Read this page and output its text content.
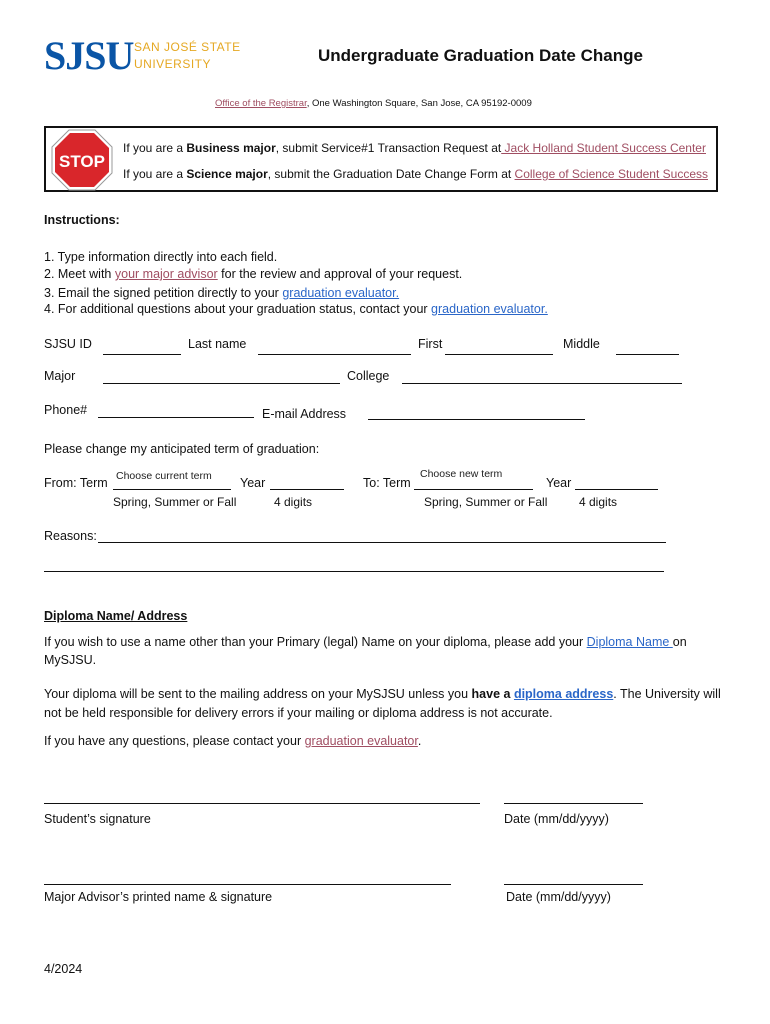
SJSU SAN JOSÉ STATE
UNIVERSITY	Undergraduate Graduation Date Change
Office of the Registrar, One Washington Square, San Jose, CA 95192-0009
STOP
If you are a Business major, submit Service#1 Transaction Request at Jack Holland Student Success Center
If you are a Science major, submit the Graduation Date Change Form at College of Science Student Success
Instructions:
1. Type information directly into each field.
2. Meet with your major advisor for the review and approval of your request.
3. Email the signed petition directly to your graduation evaluator.
4. For additional questions about your graduation status, contact your graduation evaluator.
SJSU ID	Last name	First	Middle
Major	College
Phone#	E-mail Address
Please change my anticipated term of graduation:
From: Term Choose current term Year
Spring, Summer or Fall	4 digits
To: Term
Choose new term
Year
Spring, Summer or Fall	4 digits
Reasons:
Diploma Name/ Address
If you wish to use a name other than your Primary (legal) Name on your diploma, please add your Diploma Name on
MySJSU.
Your diploma will be sent to the mailing address on your MySJSU unless you have a diploma address. The University will
not be held responsible for delivery errors if your mailing or diploma address is not accurate.
If you have any questions, please contact your graduation evaluator.
Student’s signature	Date (mm/dd/yyyy)
Major Advisor’s printed name & signature	Date (mm/dd/yyyy)
4/2024
